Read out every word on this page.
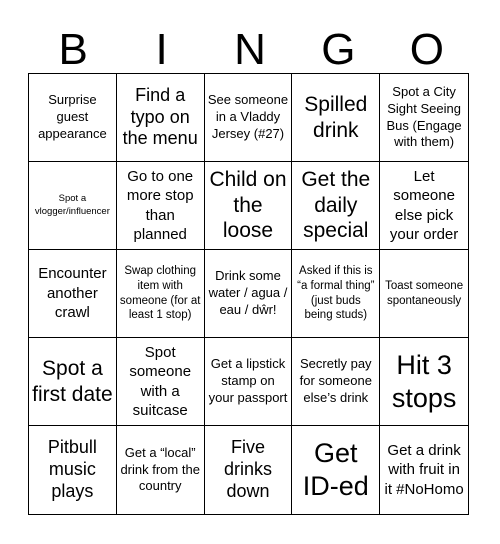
B	I	N	G	O
Surprise guest appearance
Find a typo on the menu
See someone in a Vladdy Jersey (#27)
Spilled drink
Spot a City Sight Seeing Bus (Engage with them)
Spot a vlogger/influencer
Go to one more stop than planned
Child on the loose
Get the daily special
Let someone else pick your order
Encounter another crawl
Swap clothing item with someone (for at least 1 stop)
Drink some water / agua / eau / dŵr!
Asked if this is “a formal thing” (just buds being studs)
Toast someone spontaneously
Spot a first date
Spot someone with a suitcase
Get a lipstick stamp on your passport
Secretly pay for someone else’s drink
Hit 3 stops
Pitbull music plays
Get a “local” drink from the country
Five drinks down
Get ID-ed
Get a drink with fruit in it #NoHomo
